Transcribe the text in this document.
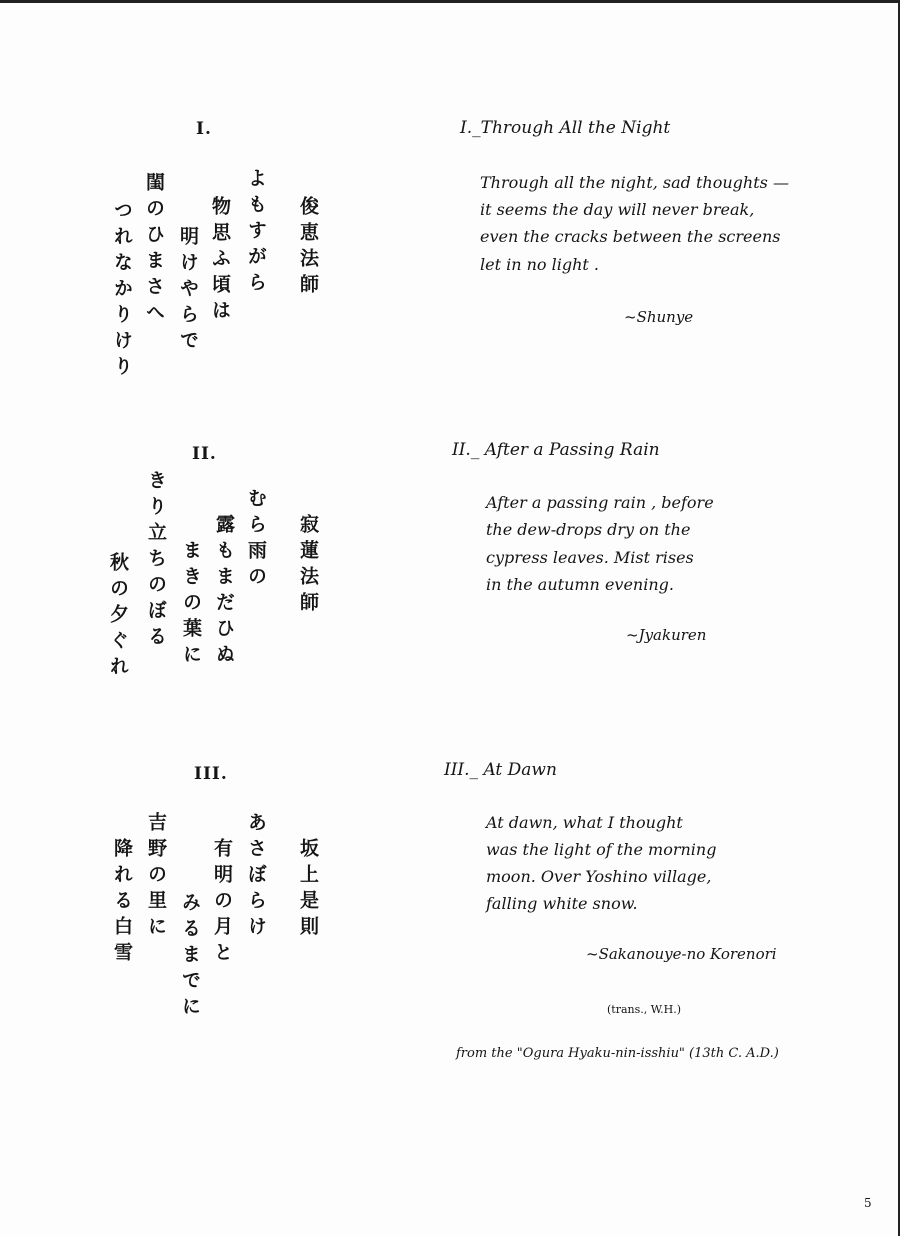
I.
俊恵法師
よもすがら
物思ふ頃は
明けやらで
閨のひまさへ
つれなかりけり
I._Through All the Night
Through all the night, sad thoughts —
it seems the day will never break,
even the cracks between the screens
let in no light .
~Shunye
II.
寂蓮法師
むら雨の
露もまだひぬ
まきの葉に
きり立ちのぼる
秋の夕ぐれ
II._ After a Passing Rain
After a passing rain , before
the dew-drops dry on the
cypress leaves. Mist rises
in the autumn evening.
~Jyakuren
III.
坂上是則
あさぼらけ
有明の月と
みるまでに
吉野の里に
降れる白雪
III._ At Dawn
At dawn, what I thought
was the light of the morning
moon. Over Yoshino village,
falling white snow.
~Sakanouye-no Korenori
(trans., W.H.)
from the "Ogura Hyaku-nin-isshiu" (13th C. A.D.)
5
